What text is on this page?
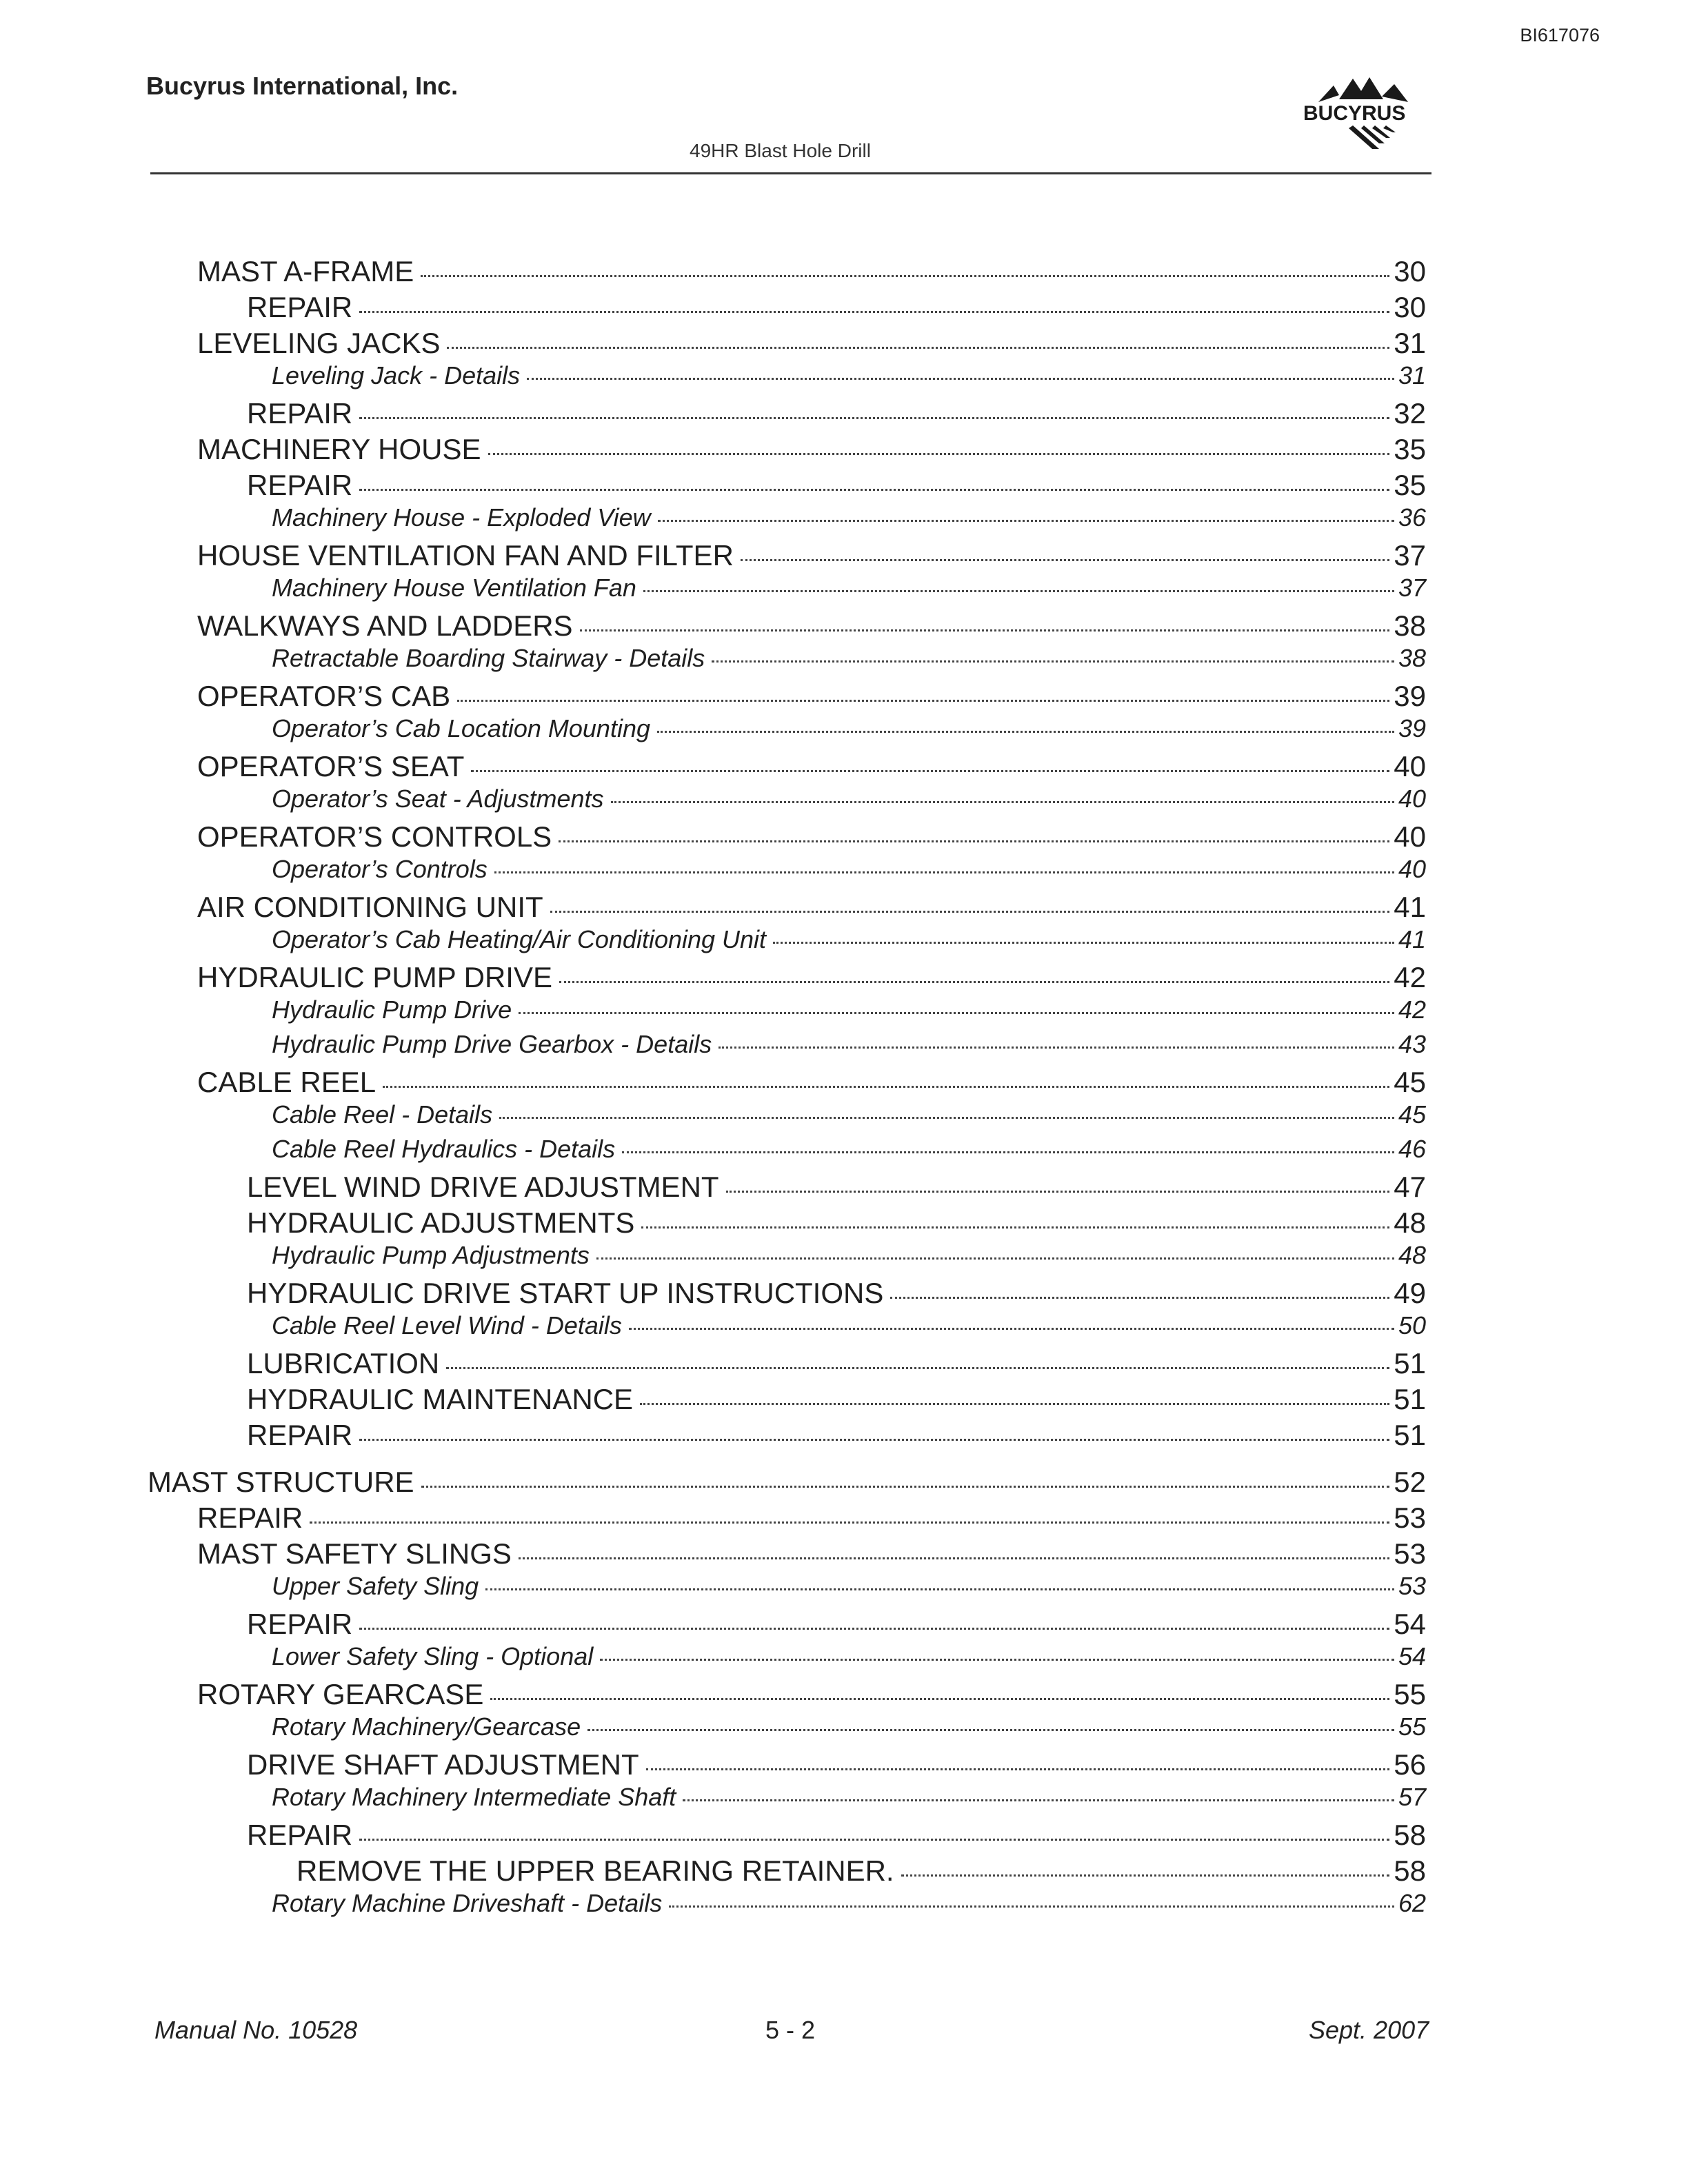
BI617076
Bucyrus International, Inc.
BUCYRUS
49HR Blast Hole Drill
MAST A-FRAME	30
REPAIR	30
LEVELING JACKS	31
Leveling Jack - Details	31
REPAIR	32
MACHINERY HOUSE	35
REPAIR	35
Machinery House - Exploded View	36
HOUSE VENTILATION FAN AND FILTER	37
Machinery House Ventilation Fan	37
WALKWAYS AND LADDERS	38
Retractable Boarding Stairway - Details	38
OPERATOR’S CAB	39
Operator’s Cab Location Mounting	39
OPERATOR’S SEAT	40
Operator’s Seat - Adjustments	40
OPERATOR’S CONTROLS	40
Operator’s Controls	40
AIR CONDITIONING UNIT	41
Operator’s Cab Heating/Air Conditioning Unit	41
HYDRAULIC PUMP DRIVE	42
Hydraulic Pump Drive	42
Hydraulic Pump Drive Gearbox - Details	43
CABLE REEL	45
Cable Reel - Details	45
Cable Reel Hydraulics - Details	46
LEVEL WIND DRIVE ADJUSTMENT	47
HYDRAULIC ADJUSTMENTS	48
Hydraulic Pump Adjustments	48
HYDRAULIC DRIVE START UP INSTRUCTIONS	49
Cable Reel Level Wind - Details	50
LUBRICATION	51
HYDRAULIC MAINTENANCE	51
REPAIR	51
MAST STRUCTURE	52
REPAIR	53
MAST SAFETY SLINGS	53
Upper Safety Sling	53
REPAIR	54
Lower Safety Sling - Optional	54
ROTARY GEARCASE	55
Rotary Machinery/Gearcase	55
DRIVE SHAFT ADJUSTMENT	56
Rotary Machinery Intermediate Shaft	57
REPAIR	58
REMOVE THE UPPER BEARING RETAINER.	58
Rotary Machine Driveshaft - Details	62
Manual No. 10528	5 - 2	Sept. 2007
